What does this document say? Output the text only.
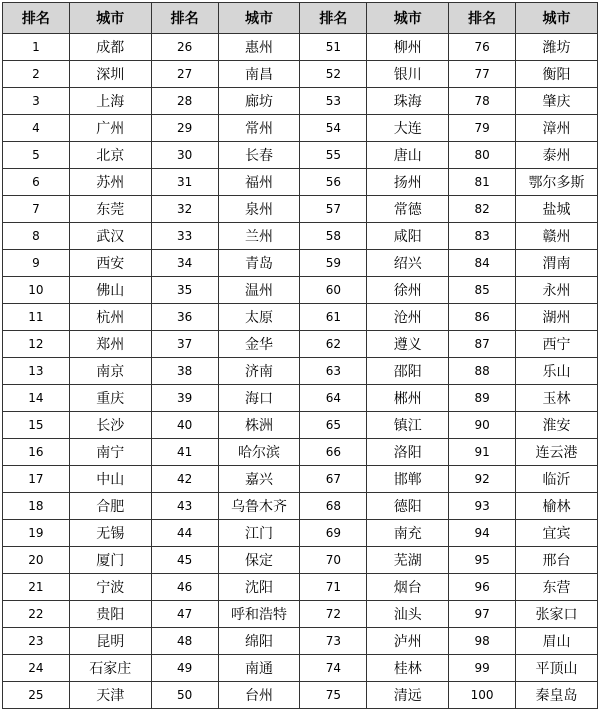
排名	城市	排名	城市	排名	城市	排名	城市
1	成都	26	惠州	51	柳州	76	潍坊
2	深圳	27	南昌	52	银川	77	衡阳
3	上海	28	廊坊	53	珠海	78	肇庆
4	广州	29	常州	54	大连	79	漳州
5	北京	30	长春	55	唐山	80	泰州
6	苏州	31	福州	56	扬州	81	鄂尔多斯
7	东莞	32	泉州	57	常德	82	盐城
8	武汉	33	兰州	58	咸阳	83	赣州
9	西安	34	青岛	59	绍兴	84	渭南
10	佛山	35	温州	60	徐州	85	永州
11	杭州	36	太原	61	沧州	86	湖州
12	郑州	37	金华	62	遵义	87	西宁
13	南京	38	济南	63	邵阳	88	乐山
14	重庆	39	海口	64	郴州	89	玉林
15	长沙	40	株洲	65	镇江	90	淮安
16	南宁	41	哈尔滨	66	洛阳	91	连云港
17	中山	42	嘉兴	67	邯郸	92	临沂
18	合肥	43	乌鲁木齐	68	德阳	93	榆林
19	无锡	44	江门	69	南充	94	宜宾
20	厦门	45	保定	70	芜湖	95	邢台
21	宁波	46	沈阳	71	烟台	96	东营
22	贵阳	47	呼和浩特	72	汕头	97	张家口
23	昆明	48	绵阳	73	泸州	98	眉山
24	石家庄	49	南通	74	桂林	99	平顶山
25	天津	50	台州	75	清远	100	秦皇岛
